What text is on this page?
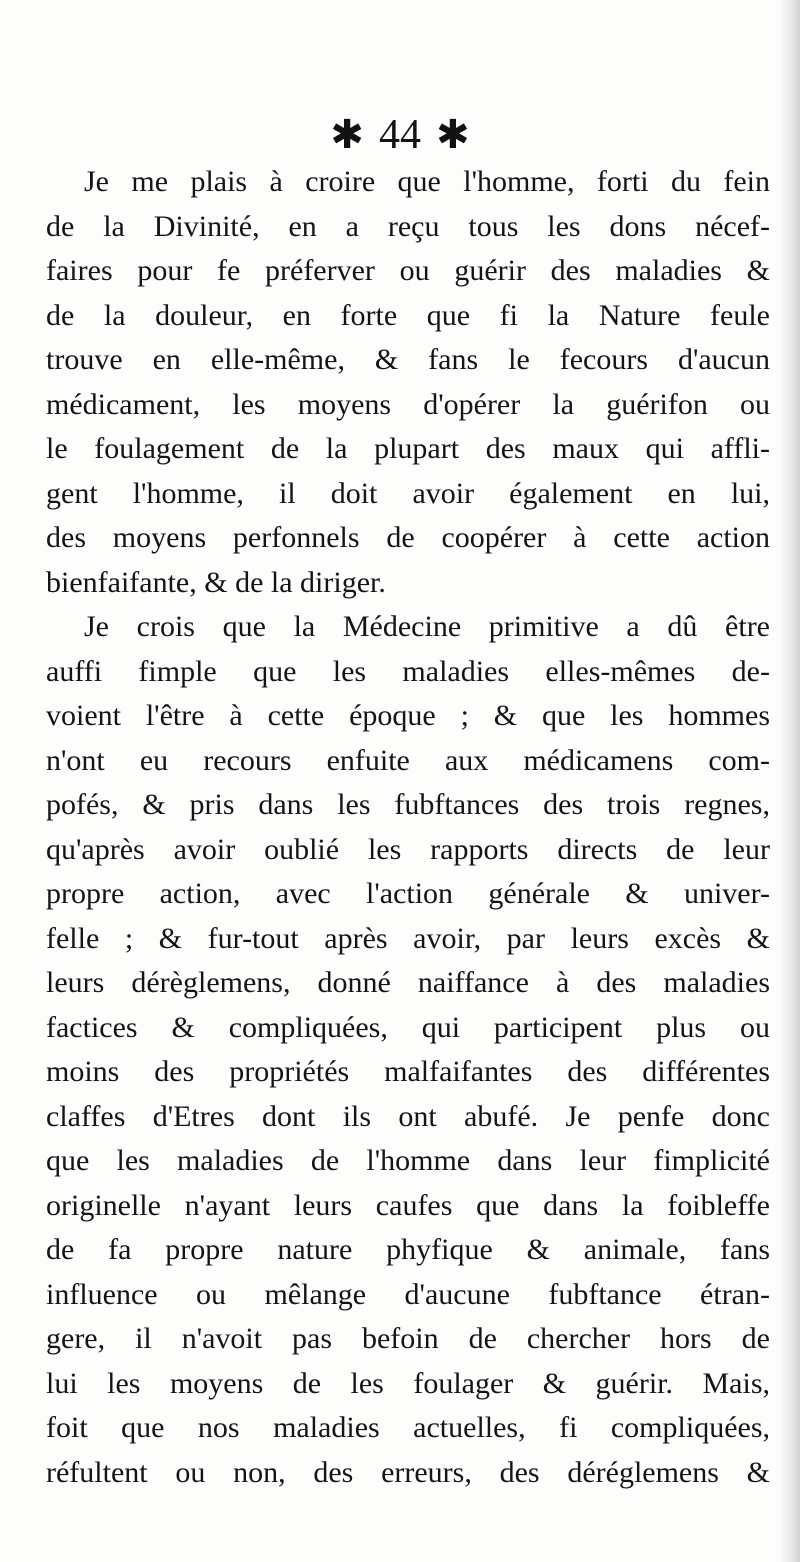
✱ 44 ✱
Je me plais à croire que l'homme, forti du fein
de la Divinité, en a reçu tous les dons nécef-
faires pour fe préferver ou guérir des maladies &
de la douleur, en forte que fi la Nature feule
trouve en elle-même, & fans le fecours d'aucun
médicament, les moyens d'opérer la guérifon ou
le foulagement de la plupart des maux qui affli-
gent l'homme, il doit avoir également en lui,
des moyens perfonnels de coopérer à cette action
bienfaifante, & de la diriger.
Je crois que la Médecine primitive a dû être
auffi fimple que les maladies elles-mêmes de-
voient l'être à cette époque ; & que les hommes
n'ont eu recours enfuite aux médicamens com-
pofés, & pris dans les fubftances des trois regnes,
qu'après avoir oublié les rapports directs de leur
propre action, avec l'action générale & univer-
felle ; & fur-tout après avoir, par leurs excès &
leurs dérèglemens, donné naiffance à des maladies
factices & compliquées, qui participent plus ou
moins des propriétés malfaifantes des différentes
claffes d'Etres dont ils ont abufé. Je penfe donc
que les maladies de l'homme dans leur fimplicité
originelle n'ayant leurs caufes que dans la foibleffe
de fa propre nature phyfique & animale, fans
influence ou mêlange d'aucune fubftance étran-
gere, il n'avoit pas befoin de chercher hors de
lui les moyens de les foulager & guérir. Mais,
foit que nos maladies actuelles, fi compliquées,
réfultent ou non, des erreurs, des déréglemens &
